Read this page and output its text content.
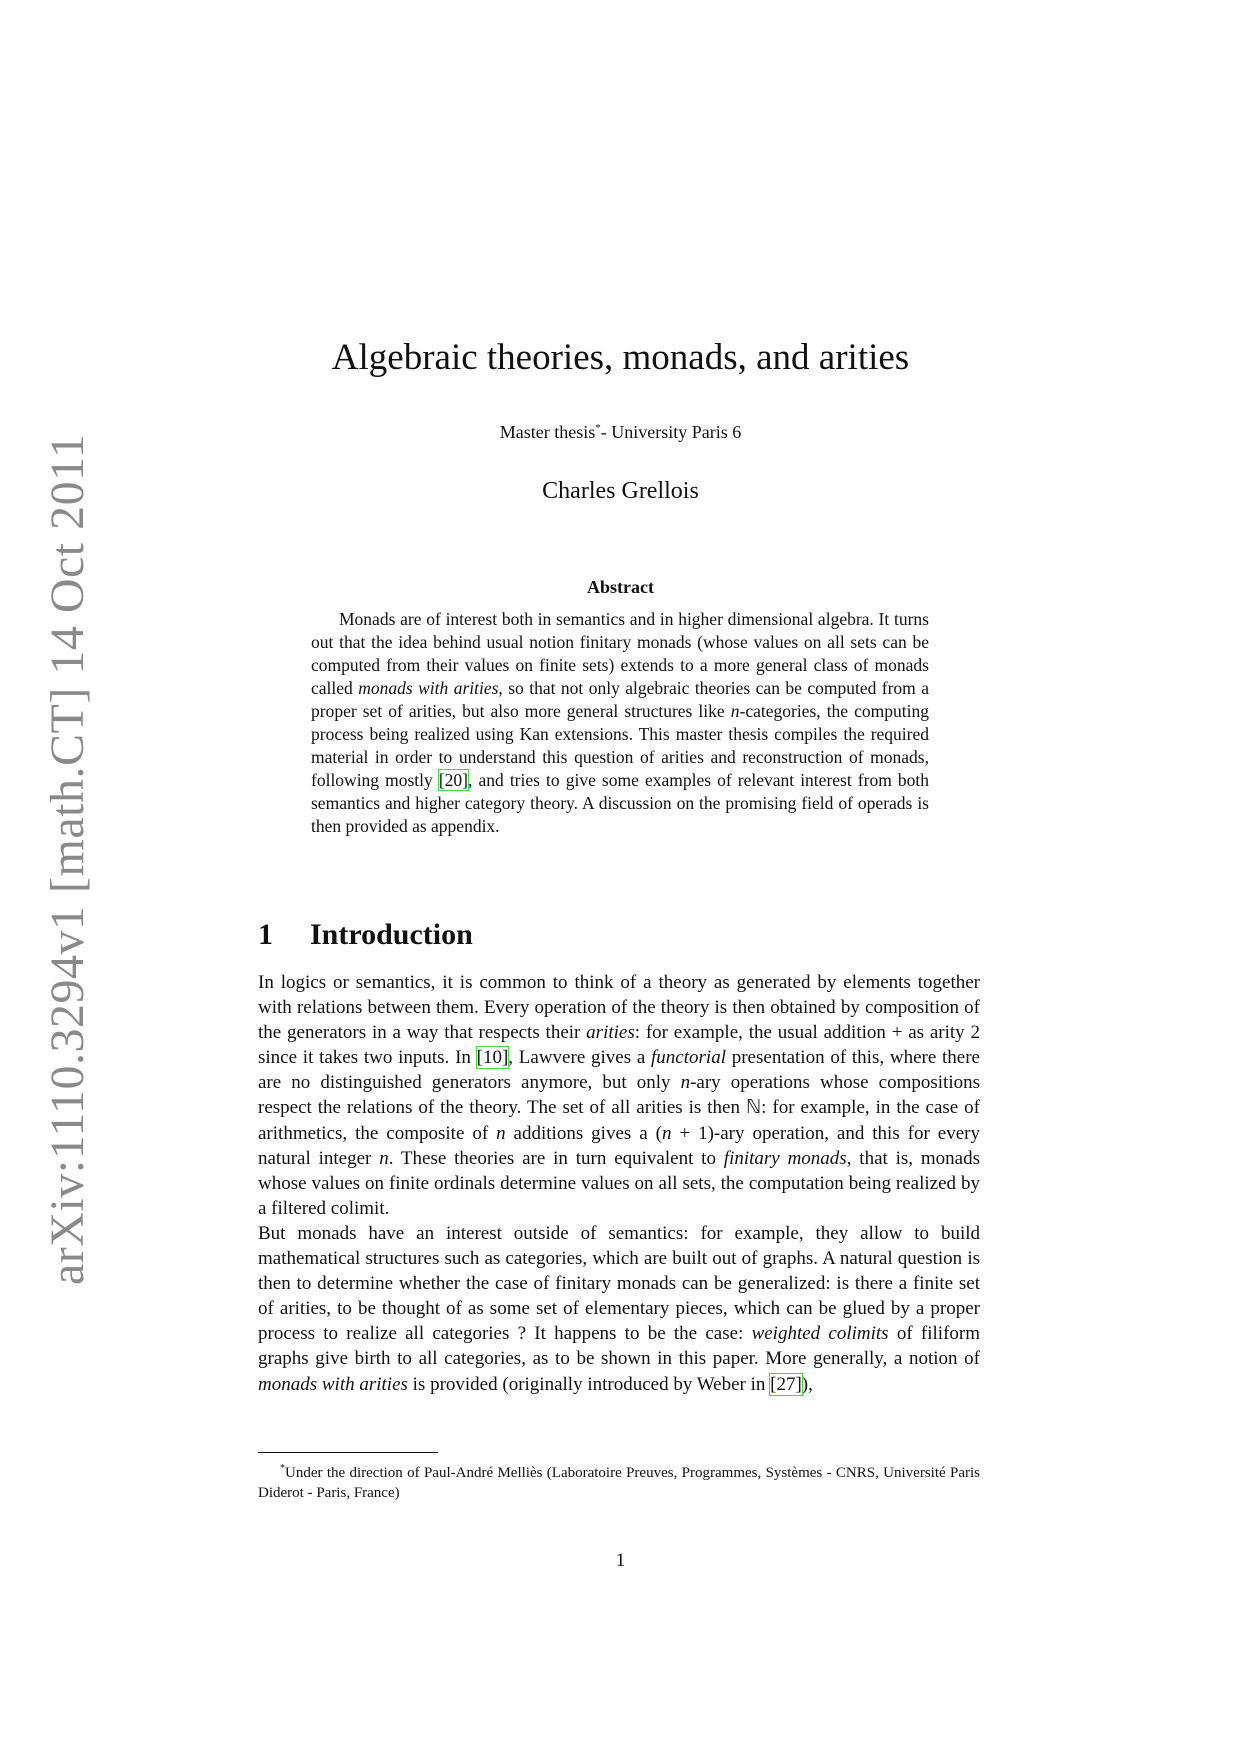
arXiv:1110.3294v1 [math.CT] 14 Oct 2011
Algebraic theories, monads, and arities
Master thesis*- University Paris 6
Charles Grellois
Abstract
Monads are of interest both in semantics and in higher dimensional algebra. It turns out that the idea behind usual notion finitary monads (whose values on all sets can be computed from their values on finite sets) extends to a more general class of monads called monads with arities, so that not only algebraic theories can be computed from a proper set of arities, but also more general structures like n-categories, the computing process being realized using Kan extensions. This master thesis compiles the required material in order to understand this question of arities and reconstruction of monads, following mostly [20], and tries to give some examples of relevant interest from both semantics and higher category theory. A discussion on the promising field of operads is then provided as appendix.
1 Introduction

In logics or semantics, it is common to think of a theory as generated by elements together with relations between them. Every operation of the theory is then obtained by composition of the generators in a way that respects their arities: for example, the usual addition + as arity 2 since it takes two inputs. In [10], Lawvere gives a functorial presentation of this, where there are no distinguished generators anymore, but only n-ary operations whose compositions respect the relations of the theory. The set of all arities is then ℕ: for example, in the case of arithmetics, the composite of n additions gives a (n + 1)-ary operation, and this for every natural integer n. These theories are in turn equivalent to finitary monads, that is, monads whose values on finite ordinals determine values on all sets, the computation being realized by a filtered colimit.

But monads have an interest outside of semantics: for example, they allow to build mathematical structures such as categories, which are built out of graphs. A natural question is then to determine whether the case of finitary monads can be generalized: is there a finite set of arities, to be thought of as some set of elementary pieces, which can be glued by a proper process to realize all categories ? It happens to be the case: weighted colimits of filiform graphs give birth to all categories, as to be shown in this paper. More generally, a notion of monads with arities is provided (originally introduced by Weber in [27]),

*Under the direction of Paul-André Melliès (Laboratoire Preuves, Programmes, Systèmes - CNRS, Université Paris Diderot - Paris, France)
1
